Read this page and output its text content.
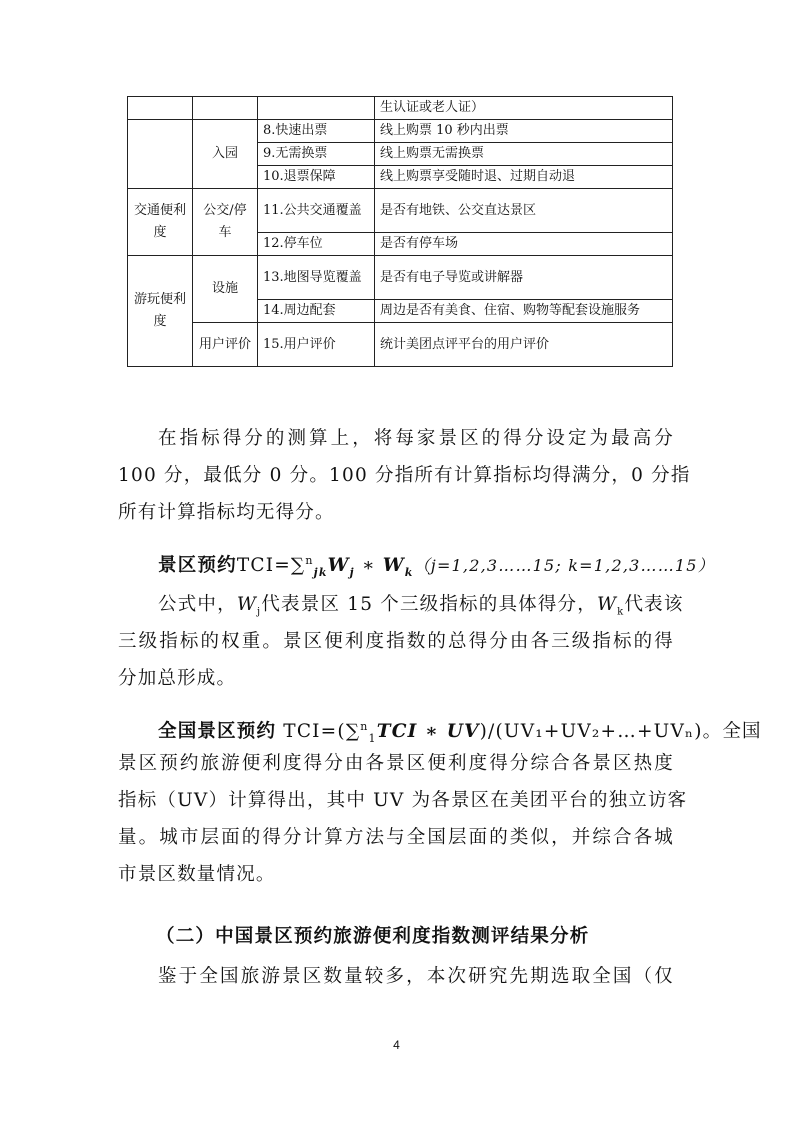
			生认证或老人证）
	入园	8.快速出票	线上购票 10 秒内出票
		9.无需换票	线上购票无需换票
		10.退票保障	线上购票享受随时退、过期自动退
交通便利度	公交/停车	11.公共交通覆盖	是否有地铁、公交直达景区
		12.停车位	是否有停车场
游玩便利度	设施	13.地图导览覆盖	是否有电子导览或讲解器
		14.周边配套	周边是否有美食、住宿、购物等配套设施服务
	用户评价	15.用户评价	统计美团点评平台的用户评价
在指标得分的测算上，将每家景区的得分设定为最高分
100 分，最低分 0 分。100 分指所有计算指标均得满分，0 分指
所有计算指标均无得分。
景区预约$TCI=\sum^n_{jk}W_j$ ∗ $W_k(j=1,2,3\dots\dots 15$; k=1,2,3……15）
公式中，$W_j$代表景区 15 个三级指标的具体得分，$W_k$代表该
三级指标的权重。景区便利度指数的总得分由各三级指标的得
分加总形成。
全国景区预约 TCI=(∑$^n_1$TCI ∗ UV)/(UV₁+UV₂+…+UVₙ)。全国
景区预约旅游便利度得分由各景区便利度得分综合各景区热度
指标（UV）计算得出，其中 UV 为各景区在美团平台的独立访客
量。城市层面的得分计算方法与全国层面的类似，并综合各城
市景区数量情况。
（二）中国景区预约旅游便利度指数测评结果分析
鉴于全国旅游景区数量较多，本次研究先期选取全国（仅
4
